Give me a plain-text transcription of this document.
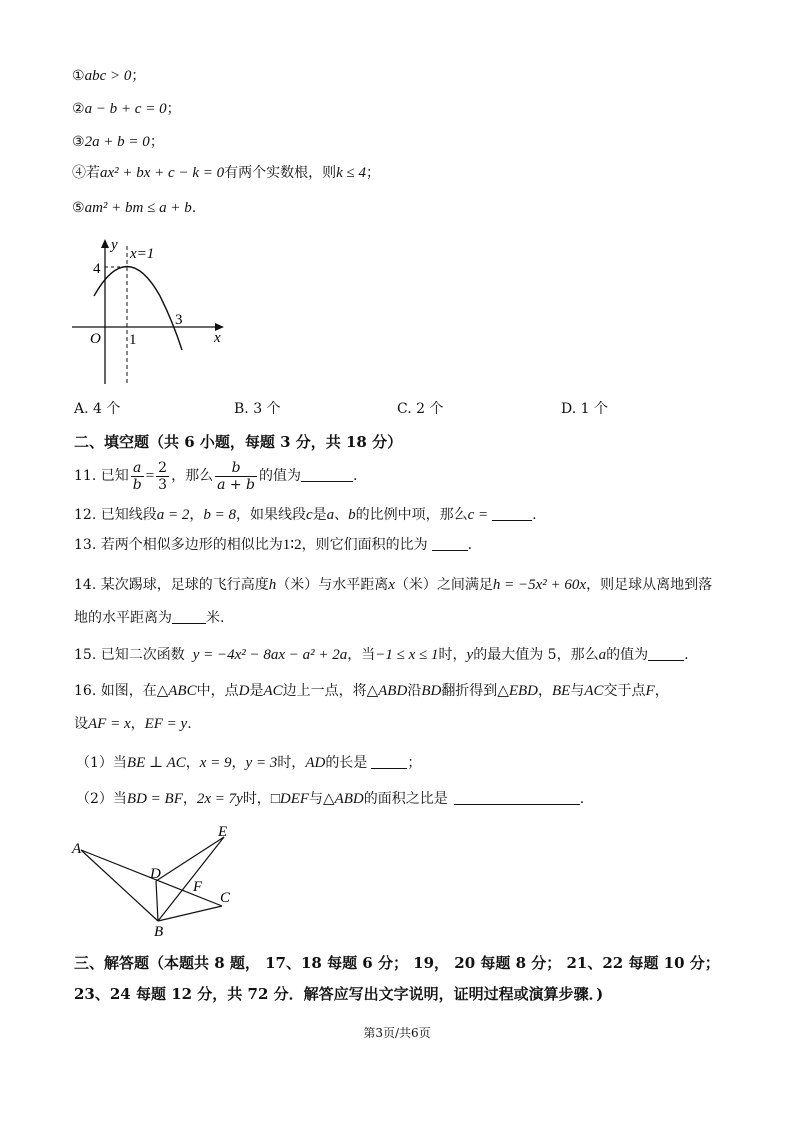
①abc > 0；
②a − b + c = 0；
③2a + b = 0；
④若ax² + bx + c − k = 0有两个实数根，则k ≤ 4；
⑤am² + bm ≤ a + b.
y
x=1
4
O 1
3
x
A. 4 个	B. 3 个	C. 2 个	D. 1 个
二、填空题（共 6 小题，每题 3 分，共 18 分）
11. 已知 $\frac{a}{b} = \frac{2}{3}$ ，那么 $\frac{b}{a + b}$ 的值为	.
12. 已知线段a = 2，b = 8，如果线段c是a、b的比例中项，那么c =	.
13. 若两个相似多边形的相似比为1∶2，则它们面积的比为	.
14. 某次踢球，足球的飞行高度h（米）与水平距离x（米）之间满足h = −5x² + 60x，则足球从离地到落
地的水平距离为 米.
15. 已知二次函数 y = −4x² − 8ax − a² + 2a，当−1 ≤ x ≤ 1时，y的最大值为 5，那么a的值为	.
16. 如图，在△ABC中，点D是AC边上一点，将△ABD沿BD翻折得到△EBD，BE与AC交于点F，
设AF = x，EF = y.
（1）当BE ⊥ AC，x = 9，y = 3时，AD的长是	；
（2）当BD = BF，2x = 7y时，□DEF与△ABD的面积之比是	.
A
E
D
F
C
B
三、解答题（本题共 8 题， 17、18 每题 6 分； 19， 20 每题 8 分； 21、22 每题 10 分；
23、24 每题 12 分，共 72 分．解答应写出文字说明，证明过程或演算步骤．)
第3页/共6页
